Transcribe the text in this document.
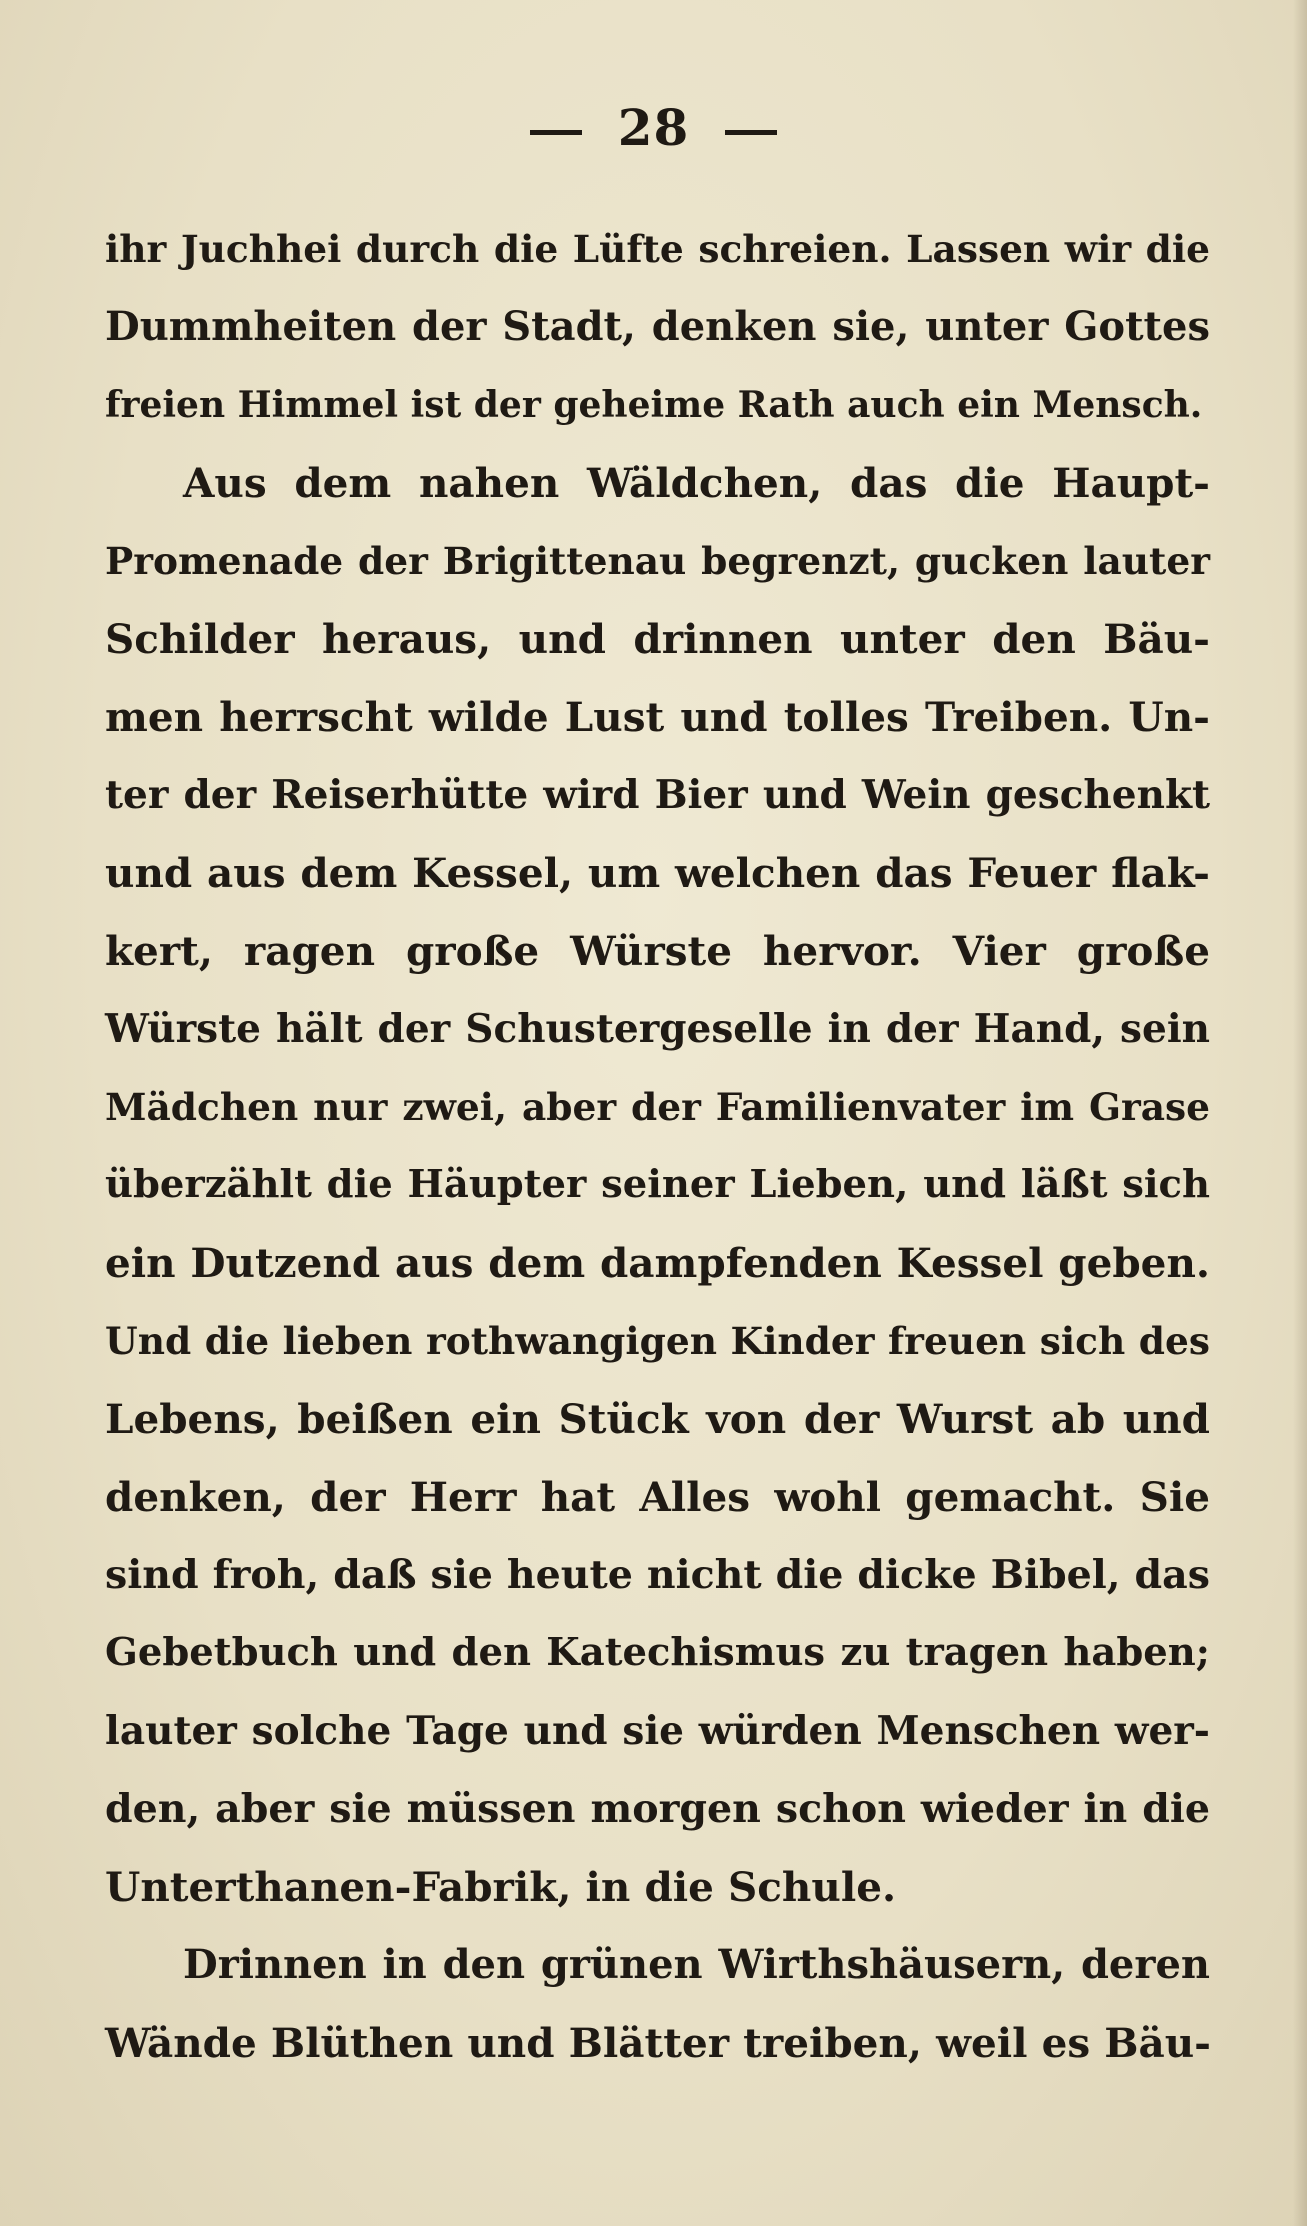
28
ihr Juchhei durch die Lüfte schreien. Lassen wir die
Dummheiten der Stadt, denken sie, unter Gottes
freien Himmel ist der geheime Rath auch ein Mensch.
Aus dem nahen Wäldchen, das die Haupt-
Promenade der Brigittenau begrenzt, gucken lauter
Schilder heraus, und drinnen unter den Bäu-
men herrscht wilde Lust und tolles Treiben. Un-
ter der Reiserhütte wird Bier und Wein geschenkt
und aus dem Kessel, um welchen das Feuer flak-
kert, ragen große Würste hervor. Vier große
Würste hält der Schustergeselle in der Hand, sein
Mädchen nur zwei, aber der Familienvater im Grase
überzählt die Häupter seiner Lieben, und läßt sich
ein Dutzend aus dem dampfenden Kessel geben.
Und die lieben rothwangigen Kinder freuen sich des
Lebens, beißen ein Stück von der Wurst ab und
denken, der Herr hat Alles wohl gemacht. Sie
sind froh, daß sie heute nicht die dicke Bibel, das
Gebetbuch und den Katechismus zu tragen haben;
lauter solche Tage und sie würden Menschen wer-
den, aber sie müssen morgen schon wieder in die
Unterthanen-Fabrik, in die Schule.
Drinnen in den grünen Wirthshäusern, deren
Wände Blüthen und Blätter treiben, weil es Bäu-
